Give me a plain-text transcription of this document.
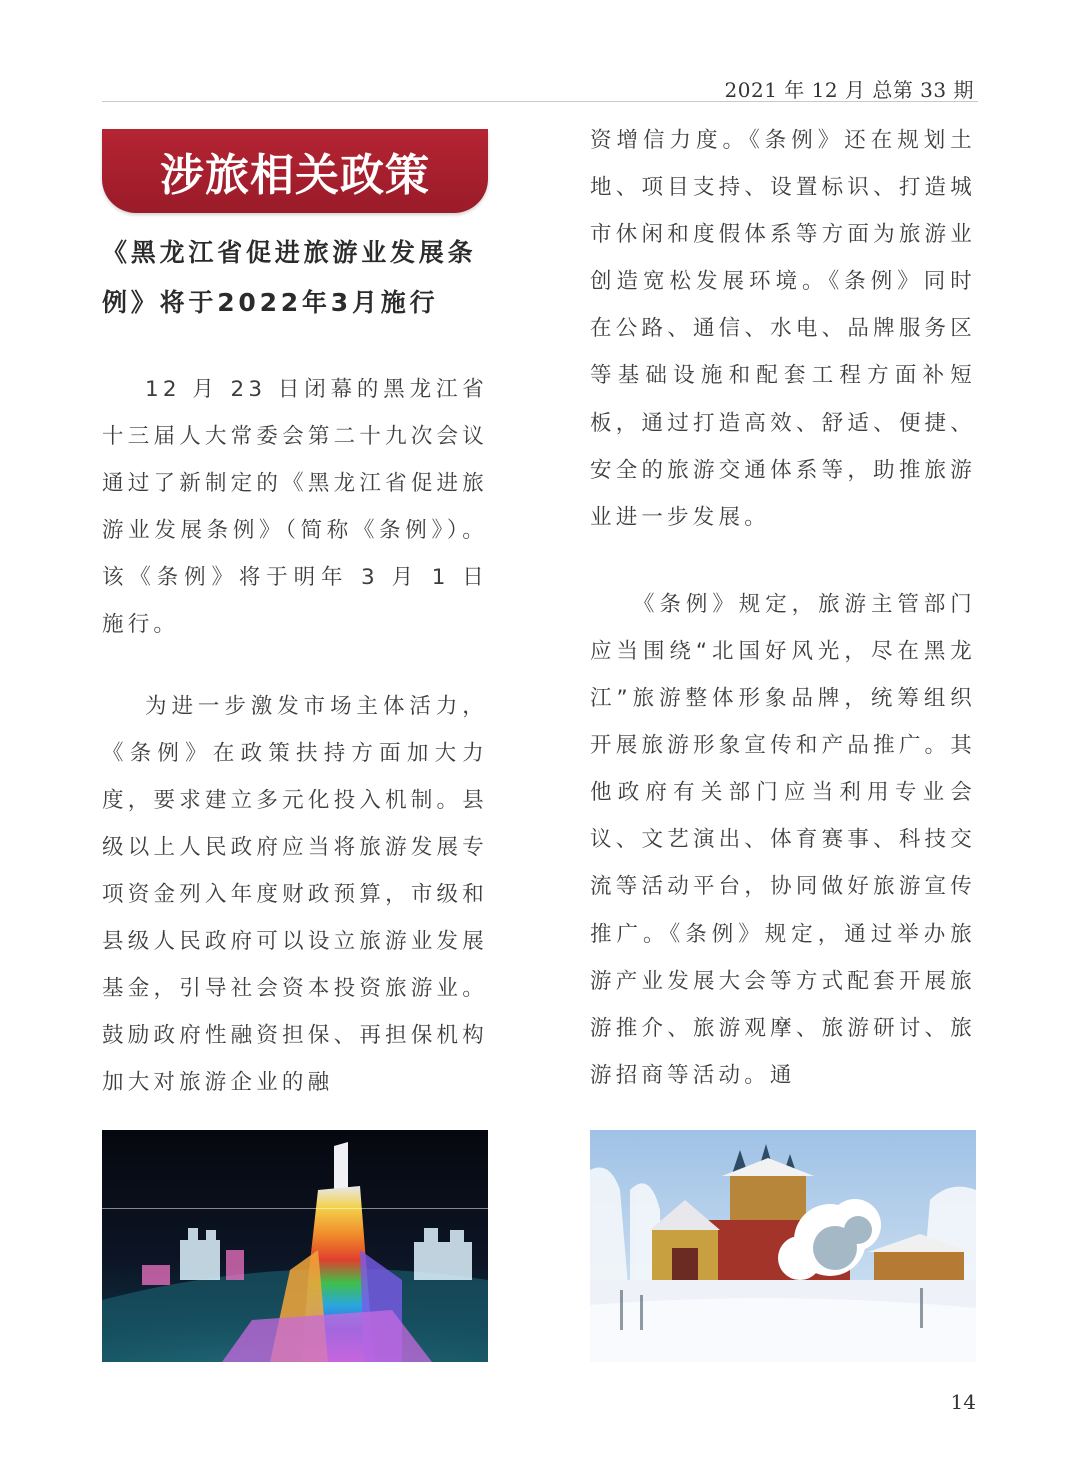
2021 年 12 月 总第 33 期
涉旅相关政策
《黑龙江省促进旅游业发展条例》将于2022年3月施行

12 月 23 日闭幕的黑龙江省十三届人大常委会第二十九次会议通过了新制定的《黑龙江省促进旅游业发展条例》（简称《条例》）。该《条例》将于明年 3 月 1 日施行。

为进一步激发市场主体活力，《条例》在政策扶持方面加大力度，要求建立多元化投入机制。县级以上人民政府应当将旅游发展专项资金列入年度财政预算，市级和县级人民政府可以设立旅游业发展基金，引导社会资本投资旅游业。鼓励政府性融资担保、再担保机构加大对旅游企业的融

资增信力度。《条例》还在规划土地、项目支持、设置标识、打造城市休闲和度假体系等方面为旅游业创造宽松发展环境。《条例》同时在公路、通信、水电、品牌服务区等基础设施和配套工程方面补短板，通过打造高效、舒适、便捷、安全的旅游交通体系等，助推旅游业进一步发展。

《条例》规定，旅游主管部门应当围绕“北国好风光，尽在黑龙江”旅游整体形象品牌，统筹组织开展旅游形象宣传和产品推广。其他政府有关部门应当利用专业会议、文艺演出、体育赛事、科技交流等活动平台，协同做好旅游宣传推广。《条例》规定，通过举办旅游产业发展大会等方式配套开展旅游推介、旅游观摩、旅游研讨、旅游招商等活动。通

14
